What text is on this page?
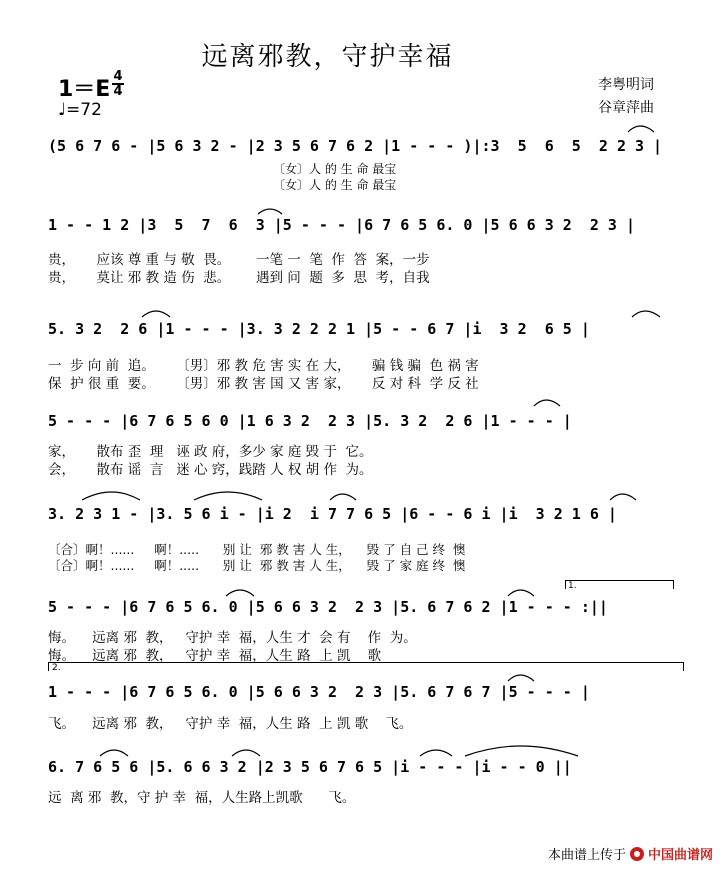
远离邪教，守护幸福
1＝E
4
4
♩=72
李粤明词
谷章萍曲
(5 6 7 6 - |5 6 3 2 - |2 3 5 6 7 6 2 |1 - - - )|:3  5  6  5  2 2 3 |
〔女〕人 的 生 命 最宝
〔女〕人 的 生 命 最宝
1 - - 1 2 |3  5  7  6  3 |5 - - - |6 7 6 5 6. 0 |5 6 6 3 2  2 3 |
贵，     应该 尊 重 与 敬  畏。      一笔 一  笔  作  答  案，一步
贵，     莫让 邪 教 造 伤  悲。      遇到 问  题  多  思  考，自我
5. 3 2  2 6 |1 - - - |3. 3 2 2 2 1 |5 - - 6 7 |i  3 2  6 5 |
一  步 向 前  追。     〔男〕邪 教 危 害 实 在 大，     骗 钱 骗  色 祸 害
保  护 很 重  要。     〔男〕邪 教 害 国 又 害 家，     反 对 科  学 反 社
5 - - - |6 7 6 5 6 0 |1 6 3 2  2 3 |5. 3 2  2 6 |1 - - - |
家，     散布 歪  理   诬 政 府，多少 家 庭 毁 于  它。
会，     散布 谣  言   迷 心 窍，践踏 人 权 胡 作  为。
3. 2 3 1 - |3. 5 6 i - |i 2  i 7 7 6 5 |6 - - 6 i |i  3 2 1 6 |
〔合〕啊！......     啊！.....      别 让  邪 教 害 人 生，    毁 了 自 己 终  懊
〔合〕啊！......     啊！.....      别 让  邪 教 害 人 生，    毁 了 家 庭 终  懊
1.
5 - - - |6 7 6 5 6. 0 |5 6 6 3 2  2 3 |5. 6 7 6 2 |1 - - - :||
悔。    远离 邪  教，   守护 幸  福，人生 才  会 有    作  为。
悔。    远离 邪  教，   守护 幸  福，人生 路  上 凯    歌
2.
1 - - - |6 7 6 5 6. 0 |5 6 6 3 2  2 3 |5. 6 7 6 7 |5 - - - |
飞。    远离 邪  教，   守护 幸  福，人生 路  上 凯 歌    飞。
6. 7 6 5 6 |5. 6 6 3 2 |2 3 5 6 7 6 5 |i - - - |i - - 0 ||
远  离 邪  教，守 护 幸  福，人生路上凯歌      飞。
本曲谱上传于 中国曲谱网
